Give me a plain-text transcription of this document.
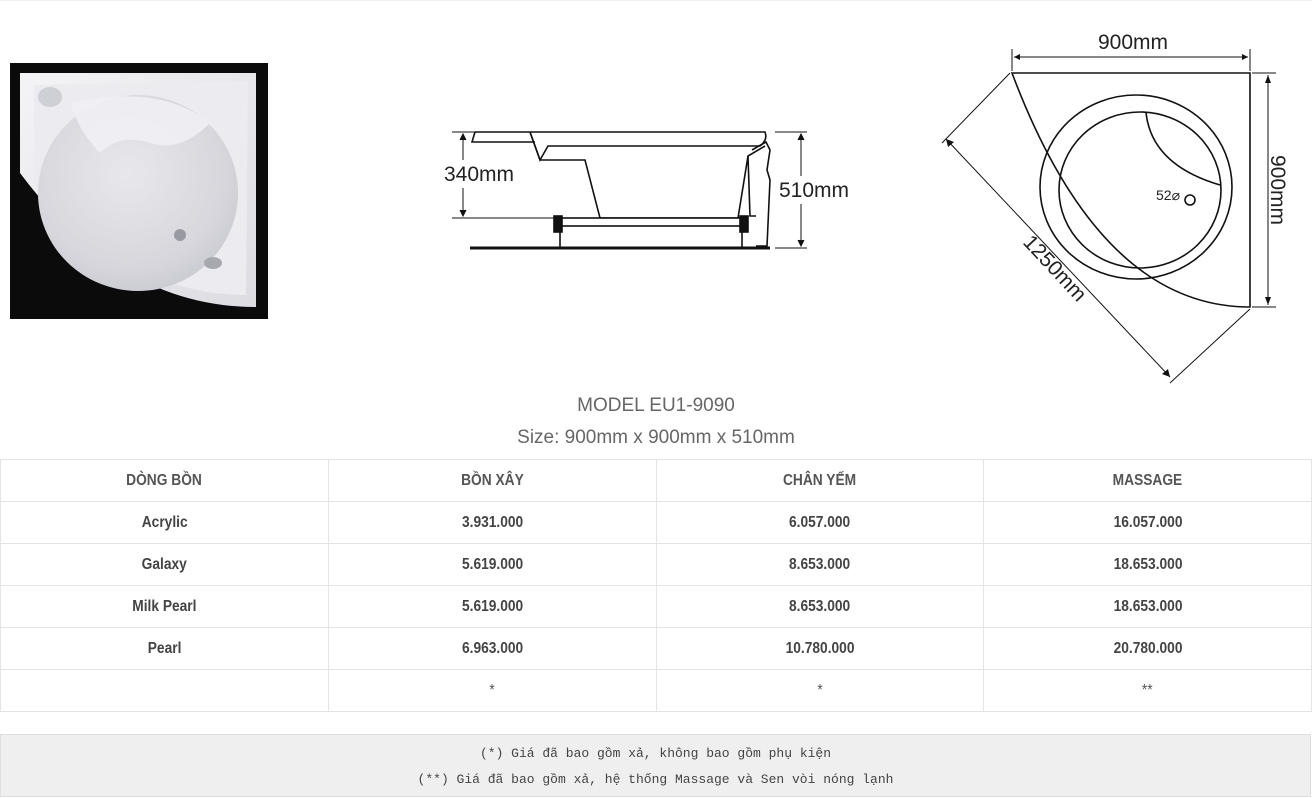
340mm
510mm
900mm
900mm
1250mm
52⌀
MODEL EU1-9090
Size: 900mm x 900mm x 510mm
DÒNG BỒN	BỒN XÂY	CHÂN YẾM	MASSAGE
Acrylic	3.931.000	6.057.000	16.057.000
Galaxy	5.619.000	8.653.000	18.653.000
Milk Pearl	5.619.000	8.653.000	18.653.000
Pearl	6.963.000	10.780.000	20.780.000
	*	*	**
(*) Giá đã bao gồm xả, không bao gồm phụ kiện
(**) Giá đã bao gồm xả, hệ thống Massage và Sen vòi nóng lạnh
